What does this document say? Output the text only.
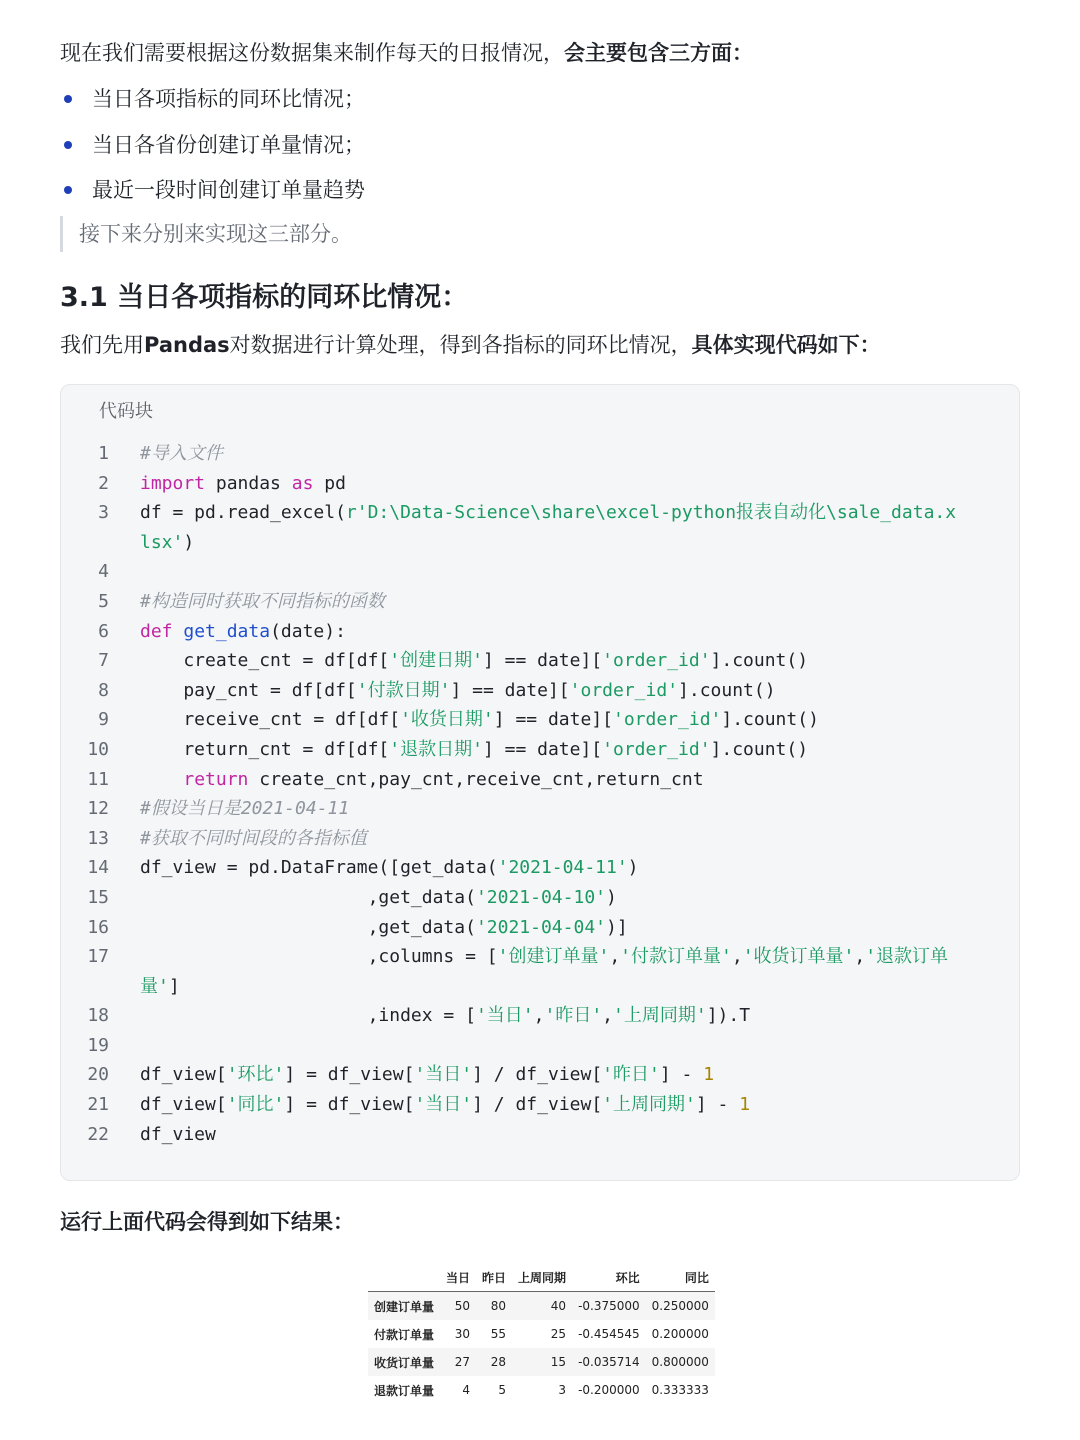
现在我们需要根据这份数据集来制作每天的日报情况，会主要包含三方面：
当日各项指标的同环比情况；
当日各省份创建订单量情况；
最近一段时间创建订单量趋势
接下来分别来实现这三部分。
3.1 当日各项指标的同环比情况：
我们先用Pandas对数据进行计算处理，得到各指标的同环比情况，具体实现代码如下：
代码块
1 #导入文件
2 import pandas as pd
3 df = pd.read_excel(r'D:\Data-Science\share\excel-python报表自动化\sale_data.xlsx')
4
5 #构造同时获取不同指标的函数
6 def get_data(date):
7 create_cnt = df[df['创建日期'] == date]['order_id'].count()
8 pay_cnt = df[df['付款日期'] == date]['order_id'].count()
9 receive_cnt = df[df['收货日期'] == date]['order_id'].count()
10 return_cnt = df[df['退款日期'] == date]['order_id'].count()
11	return create_cnt,pay_cnt,receive_cnt,return_cnt
12 #假设当日是2021-04-11
13 #获取不同时间段的各指标值
14 df_view = pd.DataFrame([get_data('2021-04-11')
15 ,get_data('2021-04-10')
16 ,get_data('2021-04-04')]
17 ,columns = ['创建订单量','付款订单量','收货订单量','退款订单量']
18 ,index = ['当日','昨日','上周同期']).T
19
20 df_view['环比'] = df_view['当日'] / df_view['昨日'] - 1
21 df_view['同比'] = df_view['当日'] / df_view['上周同期'] - 1
22 df_view
运行上面代码会得到如下结果：
	当日	昨日	上周同期	环比	同比
创建订单量	50	80	40	-0.375000	0.250000
付款订单量	30	55	25	-0.454545	0.200000
收货订单量	27	28	15	-0.035714	0.800000
退款订单量	4	5	3	-0.200000	0.333333
